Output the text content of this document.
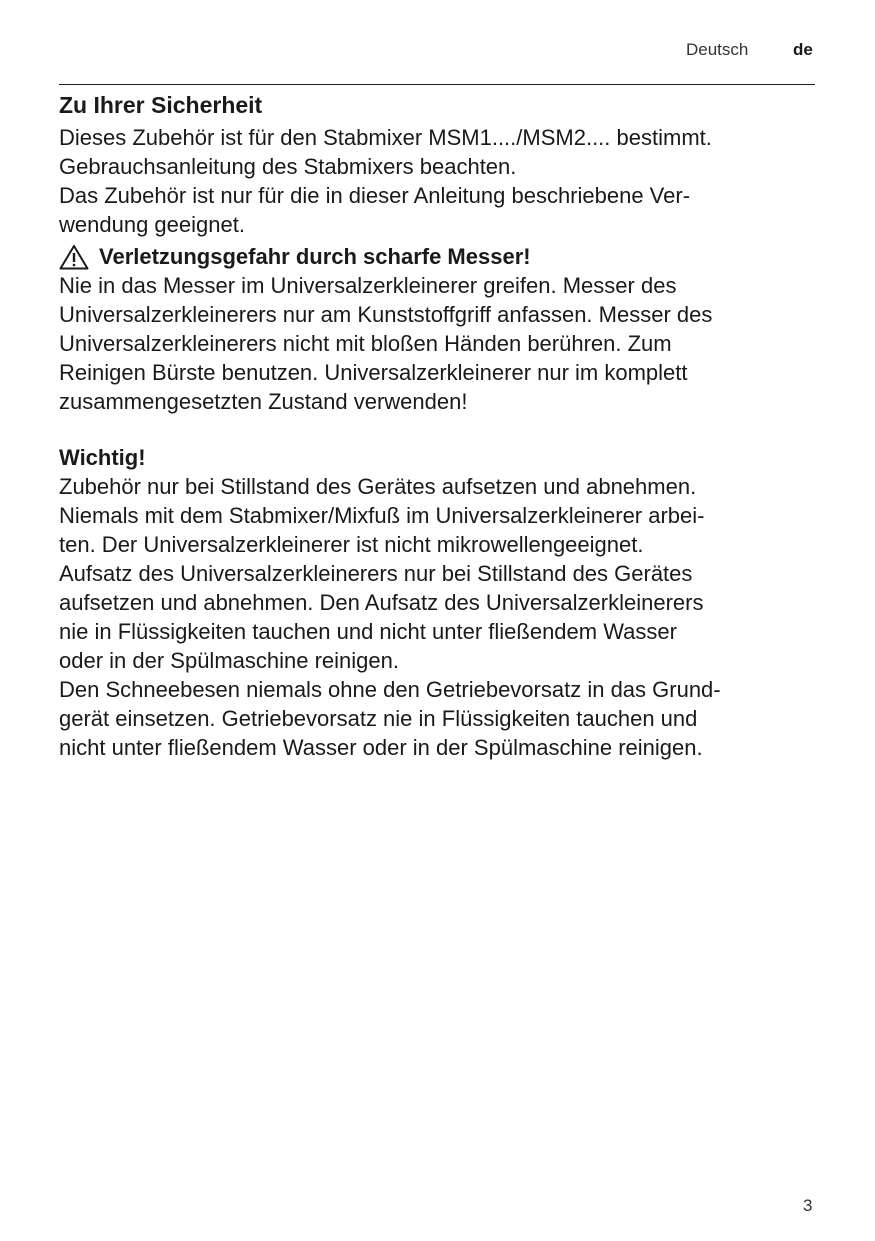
Deutsch	de
Zu Ihrer Sicherheit

Dieses Zubehör ist für den Stabmixer MSM1..../MSM2.... bestimmt.
Gebrauchsanleitung des Stabmixers beachten.
Das Zubehör ist nur für die in dieser Anleitung beschriebene Ver-
wendung geeignet.

Verletzungsgefahr durch scharfe Messer!

Nie in das Messer im Universalzerkleinerer greifen. Messer des
Universalzerkleinerers nur am Kunststoffgriff anfassen. Messer des
Universalzerkleinerers nicht mit bloßen Händen berühren. Zum
Reinigen Bürste benutzen. Universalzerkleinerer nur im komplett
zusammengesetzten Zustand verwenden!

Wichtig!

Zubehör nur bei Stillstand des Gerätes aufsetzen und abnehmen.
Niemals mit dem Stabmixer/Mixfuß im Universalzerkleinerer arbei-
ten. Der Universalzerkleinerer ist nicht mikrowellengeeignet.
Aufsatz des Universalzerkleinerers nur bei Stillstand des Gerätes
aufsetzen und abnehmen. Den Aufsatz des Universalzerkleinerers
nie in Flüssigkeiten tauchen und nicht unter fließendem Wasser
oder in der Spülmaschine reinigen.
Den Schneebesen niemals ohne den Getriebevorsatz in das Grund-
gerät einsetzen. Getriebevorsatz nie in Flüssigkeiten tauchen und
nicht unter fließendem Wasser oder in der Spülmaschine reinigen.

3
